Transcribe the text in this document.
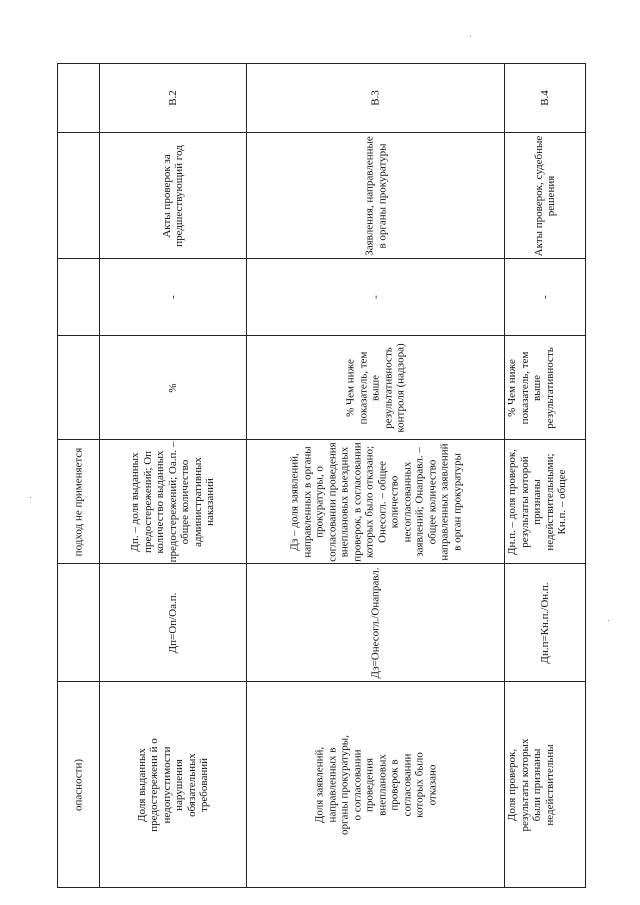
подход не применяется
опасности)
Акты проверок за предшествующий год
-
%
Дп. – доля выданных предостережений; Оп количество выданных предостережений; Оа.п. – общее количество административных наказаний
Дп=Оп/Оа.п.
Доля выданных предостережени й о недопустимости нарушения обязательных требований
Заявления, направленные в органы прокуратуры
-
% Чем ниже показатель, тем выше результативность контроля (надзора)
Дз – доля заявлений, направленных в органы прокуратуры, о согласовании проведения внеплановых выездных проверок, в согласовании которых было отказано; Онесогл. – общее количество несогласованных заявлений; Онаправл. – общее количество направленных заявлений в орган прокуратуры
Дз=Онесогл./Онаправл.
Доля заявлений, направленных в органы прокуратуры, о согласовании проведения внеплановых проверок в согласовании которых было отказано
Акты проверок, судебные решения
-
% Чем ниже показатель, тем выше результативность
Дн.п. – доля проверок, результаты которой признаны недействительными; Кн.п. – общее
Дн.п=Кн.п./Он.п.
Доля проверок, результаты которых были признаны недействительны
В.2	В.3	В.4
